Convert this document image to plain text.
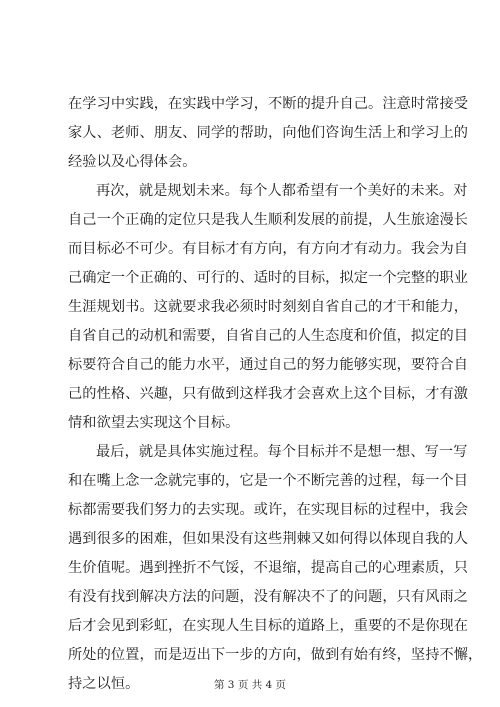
在学习中实践，在实践中学习，不断的提升自己。注意时常接受
家人、老师、朋友、同学的帮助，向他们咨询生活上和学习上的
经验以及心得体会。
再次，就是规划未来。每个人都希望有一个美好的未来。对
自己一个正确的定位只是我人生顺利发展的前提，人生旅途漫长
而目标必不可少。有目标才有方向，有方向才有动力。我会为自
己确定一个正确的、可行的、适时的目标，拟定一个完整的职业
生涯规划书。这就要求我必须时时刻刻自省自己的才干和能力，
自省自己的动机和需要，自省自己的人生态度和价值，拟定的目
标要符合自己的能力水平，通过自己的努力能够实现，要符合自
己的性格、兴趣，只有做到这样我才会喜欢上这个目标，才有激
情和欲望去实现这个目标。
最后，就是具体实施过程。每个目标并不是想一想、写一写
和在嘴上念一念就完事的，它是一个不断完善的过程，每一个目
标都需要我们努力的去实现。或许，在实现目标的过程中，我会
遇到很多的困难，但如果没有这些荆棘又如何得以体现自我的人
生价值呢。遇到挫折不气馁，不退缩，提高自己的心理素质，只
有没有找到解决方法的问题，没有解决不了的问题，只有风雨之
后才会见到彩虹，在实现人生目标的道路上，重要的不是你现在
所处的位置，而是迈出下一步的方向，做到有始有终，坚持不懈，
持之以恒。	第 3 页 共 4 页
